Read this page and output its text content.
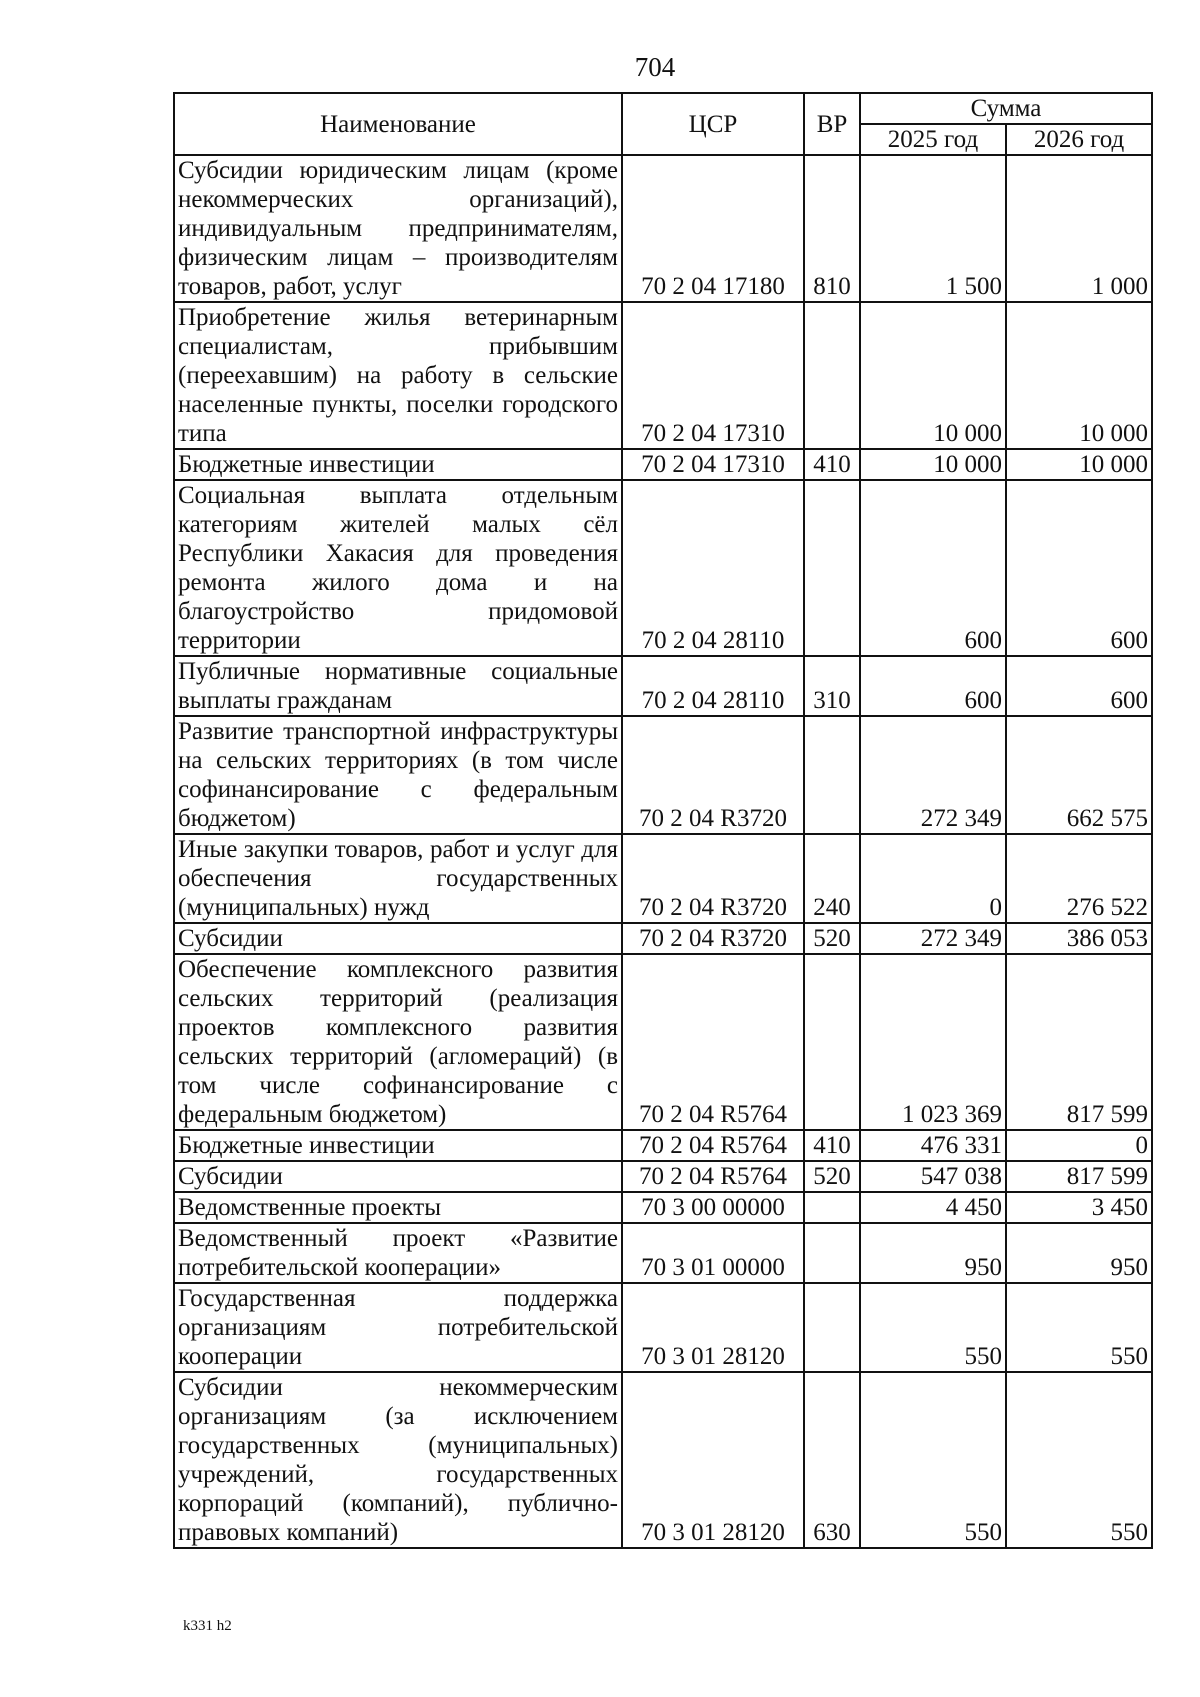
704
Наименование	ЦСР	ВР	Сумма	
			2025 год	2026 год
Субсидии юридическим лицам (кроме некоммерческих организаций), индивидуальным предпринимателям, физическим лицам – производителям товаров, работ, услуг	70 2 04 17180	810	1 500	1 000
Приобретение жилья ветеринарным специалистам, прибывшим (переехавшим) на работу в сельские населенные пункты, поселки городского типа	70 2 04 17310		10 000	10 000
Бюджетные инвестиции	70 2 04 17310	410	10 000	10 000
Социальная выплата отдельным категориям жителей малых сёл Республики Хакасия для проведения ремонта жилого дома и на благоустройство придомовой территории	70 2 04 28110		600	600
Публичные нормативные социальные выплаты гражданам	70 2 04 28110	310	600	600
Развитие транспортной инфраструктуры на сельских территориях (в том числе софинансирование с федеральным бюджетом)	70 2 04 R3720		272 349	662 575
Иные закупки товаров, работ и услуг для обеспечения государственных (муниципальных) нужд	70 2 04 R3720	240	0	276 522
Субсидии	70 2 04 R3720	520	272 349	386 053
Обеспечение комплексного развития сельских территорий (реализация проектов комплексного развития сельских территорий (агломераций) (в том числе софинансирование с федеральным бюджетом)	70 2 04 R5764		1 023 369	817 599
Бюджетные инвестиции	70 2 04 R5764	410	476 331	0
Субсидии	70 2 04 R5764	520	547 038	817 599
Ведомственные проекты	70 3 00 00000		4 450	3 450
Ведомственный проект «Развитие потребительской кооперации»	70 3 01 00000		950	950
Государственная поддержка организациям потребительской кооперации	70 3 01 28120		550	550
Субсидии некоммерческим организациям (за исключением государственных (муниципальных) учреждений, государственных корпораций (компаний), публично-правовых компаний)	70 3 01 28120	630	550	550
k331 h2
